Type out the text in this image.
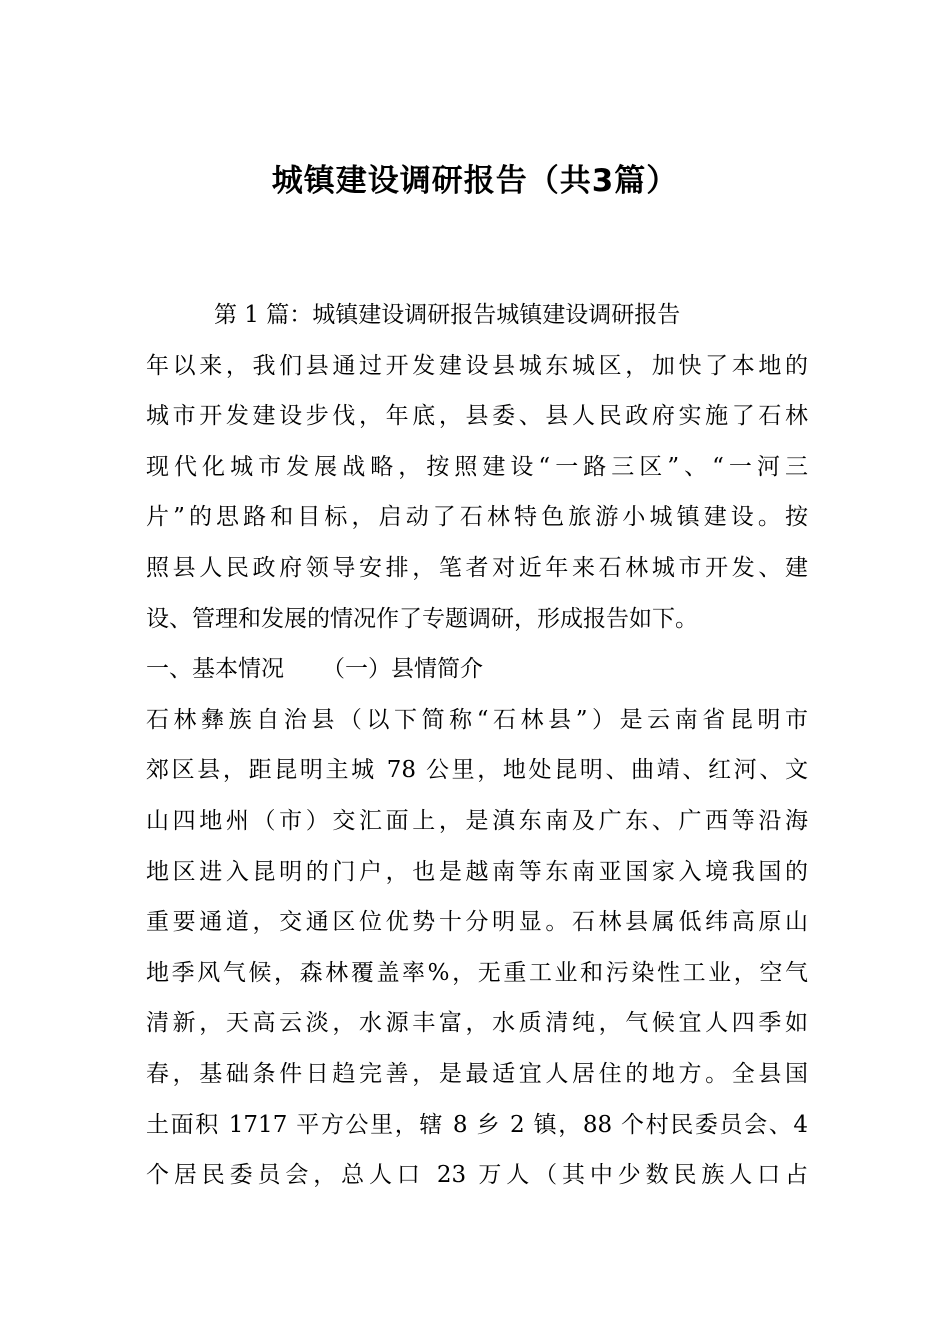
城镇建设调研报告（共3篇）
第 1 篇：城镇建设调研报告城镇建设调研报告
年以来，我们县通过开发建设县城东城区，加快了本地的
城市开发建设步伐，年底，县委、县人民政府实施了石林
现代化城市发展战略，按照建设“一路三区”、“一河三
片”的思路和目标，启动了石林特色旅游小城镇建设。按
照县人民政府领导安排，笔者对近年来石林城市开发、建
设、管理和发展的情况作了专题调研，形成报告如下。
一、基本情况 （一）县情简介
石林彝族自治县（以下简称“石林县”）是云南省昆明市
郊区县，距昆明主城 78 公里，地处昆明、曲靖、红河、文
山四地州（市）交汇面上，是滇东南及广东、广西等沿海
地区进入昆明的门户，也是越南等东南亚国家入境我国的
重要通道，交通区位优势十分明显。石林县属低纬高原山
地季风气候，森林覆盖率%，无重工业和污染性工业，空气
清新，天高云淡，水源丰富，水质清纯，气候宜人四季如
春，基础条件日趋完善，是最适宜人居住的地方。全县国
土面积 1717 平方公里，辖 8 乡 2 镇，88 个村民委员会、4
个居民委员会，总人口 23 万人（其中少数民族人口占
